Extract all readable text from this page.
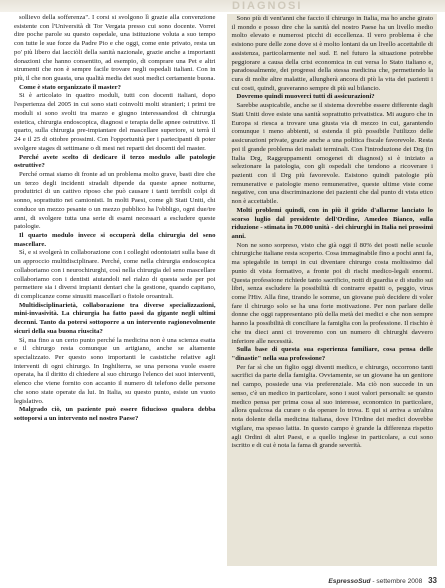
DIAGNOSI

sollievo della sofferenza". I corsi si svolgono lì grazie alla convenzione esistente con l'Università di Tor Vergata presso cui sono docente. Vorrei dire poche parole su questo ospedale, una istituzione voluta a suo tempo con tutte le sue forze da Padre Pio e che oggi, come ente privato, resta un po' più libero dai lacciòli della sanità nazionale, grazie anche a importanti donazioni che hanno consentito, ad esempio, di comprare una Pet e altri strumenti che non è sempre facile trovare negli ospedali italiani. Con in più, il che non guasta, una qualità media dei suoi medici certamente buona.

Come è stato organizzato il master?

Si è articolato in quattro moduli, tutti con docenti italiani, dopo l'esperienza del 2005 in cui sono stati coinvolti molti stranieri; i primi tre moduli si sono svolti tra marzo e giugno interessandosi di chirurgia estetica, chirurgia endoscopica, diagnosi e terapia delle apnee ostruttive. Il quarto, sulla chirurgia pre-impiantare del mascellare superiore, si terrà il 24 e il 25 di ottobre prossimi. Con l'opportunità per i partecipanti di poter svolgere stages di settimane o di mesi nei reparti dei docenti del master.

Perché avete scelto di dedicare il terzo modulo alle patologie ostruttive?

Perché ormai siamo di fronte ad un problema molto grave, basti dire che un terzo degli incidenti stradali dipende da queste apnee notturne, produttrici di un cattivo riposo che può causare i tanti terribili colpi di sonno, soprattutto nei camionisti. In molti Paesi, come gli Stati Uniti, chi conduce un mezzo pesante o un mezzo pubblico ha l'obbligo, ogni due/tre anni, di svolgere tutta una serie di esami necessari a escludere queste patologie.

Il quarto modulo invece si occuperà della chirurgia del seno mascellare.

Sì, e si svolgerà in collaborazione con i colleghi odontoiatri sulla base di un approccio multidisciplinare. Perché, come nella chirurgia endoscopica collaboriamo con i neurochirurghi, così nella chirurgia del seno mascellare collaboriamo con i dentisti aiutandoli nel rialzo di questa sede per poi permettere sia i diversi impianti dentari che la gestione, quando capitano, di complicanze come sinusiti mascellari o fistole oroantrali.

Multidisciplinarietà, collaborazione tra diverse specializzazioni, mini-invasività. La chirurgia ha fatto passi da gigante negli ultimi decenni. Tanto da potersi sottoporre a un intervento ragionevolmente sicuri della sua buona riuscita?

Sì, ma fino a un certo punto perché la medicina non è una scienza esatta e il chirurgo resta comunque un artigiano, anche se altamente specializzato. Per questo sono importanti le casistiche relative agli interventi di ogni chirurgo. In Inghilterra, se una persona vuole essere operata, ha il diritto di chiedere al suo chirurgo l'elenco dei suoi interventi, elenco che viene fornito con accanto il numero di telefono delle persone che sono state operate da lui. In Italia, su questo punto, esiste un vuoto legislativo.

Malgrado ciò, un paziente può essere fiducioso qualora debba sottoporsi a un intervento nel nostro Paese?

Sono più di vent'anni che faccio il chirurgo in Italia, ma ho anche girato il mondo e posso dire che la sanità del nostro Paese ha un livello medio molto elevato e numerosi picchi di eccellenza. Il vero problema è che esistono pure delle zone dove si è molto lontani da un livello accettabile di assistenza, particolarmente nel sud. E nel futuro la situazione potrebbe peggiorare a causa della crisi economica in cui versa lo Stato italiano e, paradossalmente, dei progressi della stessa medicina che, permettendo la cura di molte altre malattie, allungherà ancora di più la vita dei pazienti i cui costi, quindi, graveranno sempre di più sul bilancio.

Dovremo quindi muoverci tutti di assicurazioni?

Sarebbe auspicabile, anche se il sistema dovrebbe essere differente dagli Stati Uniti dove esiste una sanità soprattutto privatistica. Mi auguro che in Europa si riesca a trovare una giusta via di mezzo in cui, garantendo comunque i meno abbienti, si estenda il più possibile l'utilizzo delle assicurazioni private, grazie anche a una politica fiscale favorevole. Resta poi il grande problema dei malati terminali. Con l'introduzione dei Drg (in Italia Drg, Raggruppamenti omogenei di diagnosi) si è iniziato a selezionare la patologia, con gli ospedali che tendono a ricoverare i pazienti con il Drg più favorevole. Esistono quindi patologie più remunerative e patologie meno remunerative, queste ultime viste come negative, con una discriminazione dei pazienti che dal punto di vista etico non è accettabile.

Molti problemi quindi, con in più il grido d'allarme lanciato lo scorso luglio dal presidente dell'Ordine, Amedeo Bianco, sulla riduzione - stimata in 70.000 unità - dei chirurghi in Italia nei prossimi anni.

Non ne sono sorpreso, visto che già oggi il 80% dei posti nelle scuole chirurgiche italiane resta scoperto. Cosa immaginabile fino a pochi anni fa, ma spiegabile in tempi in cui diventare chirurgo costa moltissimo dal punto di vista formativo, a fronte poi di rischi medico-legali enormi. Questa professione richiede tanto sacrificio, notti di guardia e di studio sui libri, senza escludere la possibilità di contrarre epatiti o, peggio, virus come l'Hiv. Alla fine, tirando le somme, un giovane può decidere di voler fare il chirurgo solo se ha una forte motivazione. Per non parlare delle donne che oggi rappresentano più della metà dei medici e che non sempre hanno la possibilità di conciliare la famiglia con la professione. Il rischio è che tra dieci anni ci troveremo con un numero di chirurghi davvero inferiore alle necessità.

Sulla base di questa sua esperienza familiare, cosa pensa delle "dinastie" nella sua professione?

Per far sì che un figlio oggi diventi medico, e chirurgo, occorrono tanti sacrifici da parte della famiglia. Ovviamente, se un giovane ha un genitore nel campo, possiede una via preferenziale. Ma ciò non succede in un senso, c'è un medico in particolare, sono i suoi valori personali: se questo medico pensa per prima cosa al suo interesse, economico in particolare, allora qualcosa da curare o da operare lo trova. E qui si arriva a un'altra nota dolente della medicina italiana, dove l'Ordine dei medici dovrebbe vigilare, ma spesso latita. In questo campo è grande la differenza rispetto agli Ordini di altri Paesi, e a quello inglese in particolare, a cui sono iscritto e di cui è nota la fama di grande severità.

EspressoSud - settembre 2008 33
